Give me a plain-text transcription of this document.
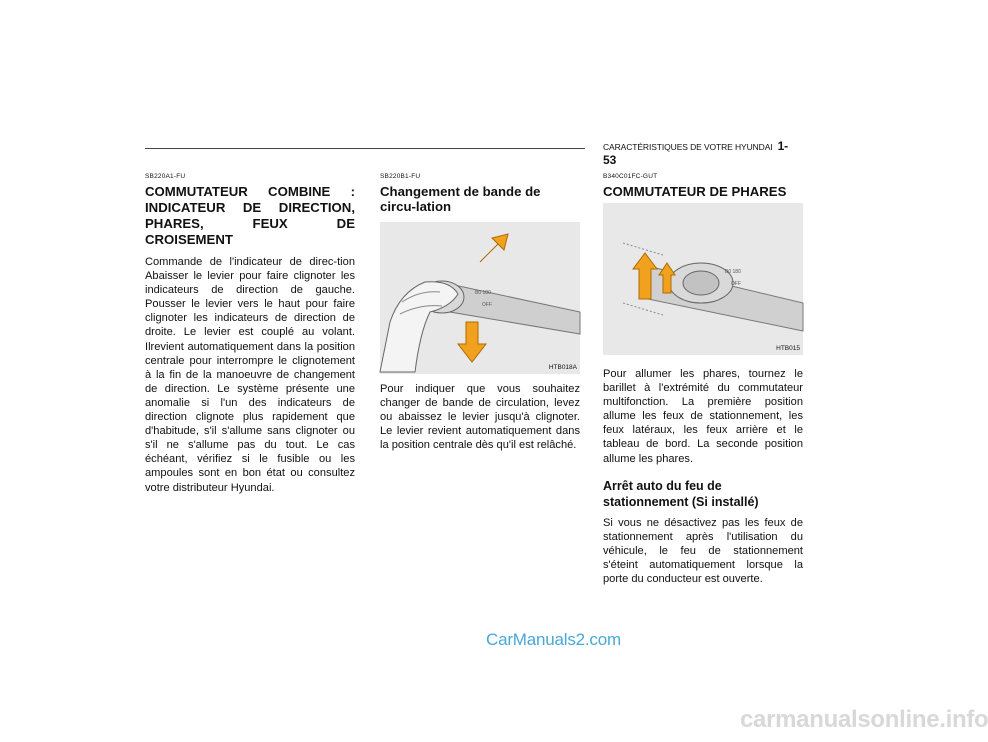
CARACTÉRISTIQUES DE VOTRE HYUNDAI 1- 53
SB220A1-FU
COMMUTATEUR COMBINE : INDICATEUR DE DIRECTION, PHARES, FEUX DE CROISEMENT

Commande de l'indicateur de direc-tion Abaisser le levier pour faire clignoter les indicateurs de direction de gauche. Pousser le levier vers le haut pour faire clignoter les indicateurs de direction de droite. Le levier est couplé au volant. Ilrevient automatiquement dans la position centrale pour interrompre le clignotement à la fin de la manoeuvre de changement de direction. Le système présente une anomalie si l'un des indicateurs de direction clignote plus rapidement que d'habitude, s'il s'allume sans clignoter ou s'il ne s'allume pas du tout. Le cas échéant, vérifiez si le fusible ou les ampoules sont en bon état ou consultez votre distributeur Hyundai.

SB220B1-FU
Changement de bande de circu-lation
B0 180
OFF
HTB018A

Pour indiquer que vous souhaitez changer de bande de circulation, levez ou abaissez le levier jusqu'à clignoter. Le levier revient automatiquement dans la position centrale dès qu'il est relâché.

B340C01FC-GUT
COMMUTATEUR DE PHARES
B0 180
OFF
HTB015

Pour allumer les phares, tournez le barillet à l'extrémité du commutateur multifonction. La première position allume les feux de stationnement, les feux latéraux, les feux arrière et le tableau de bord. La seconde position allume les phares.

Arrêt auto du feu de stationnement (Si installé)

Si vous ne désactivez pas les feux de stationnement après l'utilisation du véhicule, le feu de stationnement s'éteint automatiquement lorsque la porte du conducteur est ouverte.

CarManuals2.com
carmanualsonline.info
